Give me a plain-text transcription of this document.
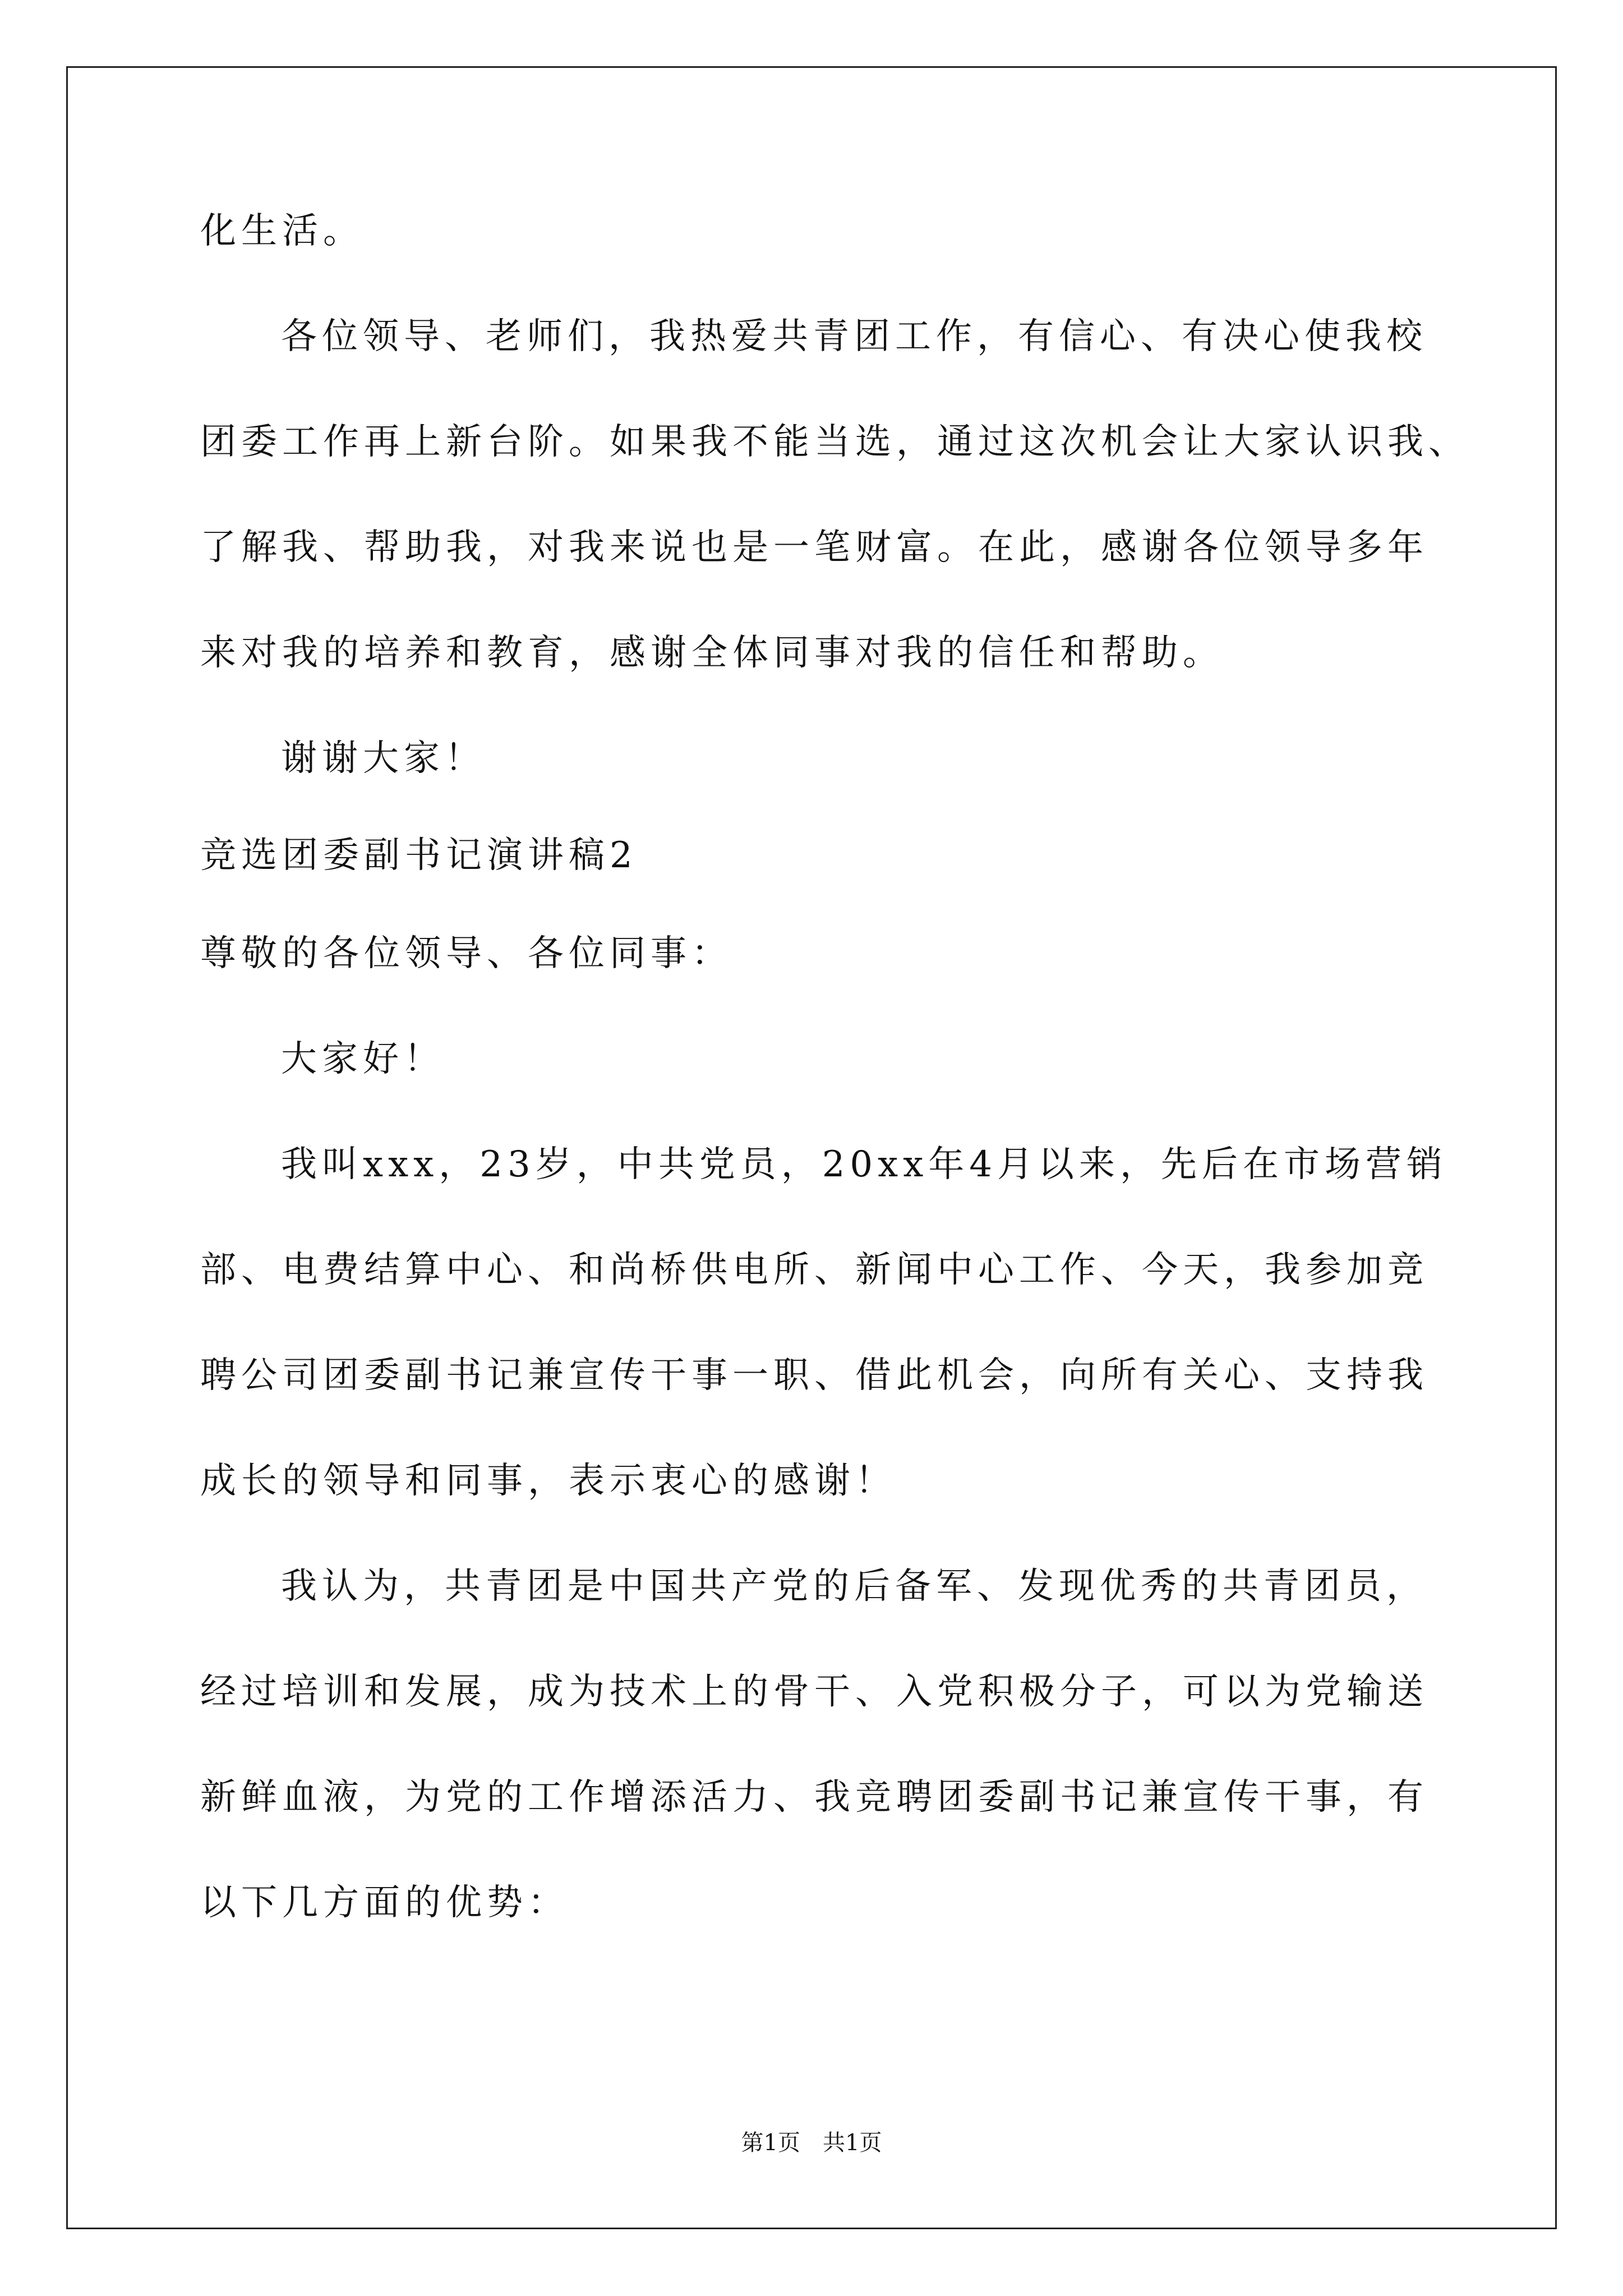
化生活。
各位领导、老师们，我热爱共青团工作，有信心、有决心使我校
团委工作再上新台阶。如果我不能当选，通过这次机会让大家认识我、
了解我、帮助我，对我来说也是一笔财富。在此，感谢各位领导多年
来对我的培养和教育，感谢全体同事对我的信任和帮助。
谢谢大家！
竞选团委副书记演讲稿2
尊敬的各位领导、各位同事：
大家好！
我叫xxx，23岁，中共党员，20xx年4月以来，先后在市场营销
部、电费结算中心、和尚桥供电所、新闻中心工作、今天，我参加竞
聘公司团委副书记兼宣传干事一职、借此机会，向所有关心、支持我
成长的领导和同事，表示衷心的感谢！
我认为，共青团是中国共产党的后备军、发现优秀的共青团员，
经过培训和发展，成为技术上的骨干、入党积极分子，可以为党输送
新鲜血液，为党的工作增添活力、我竞聘团委副书记兼宣传干事，有
以下几方面的优势：
第1页　共1页
